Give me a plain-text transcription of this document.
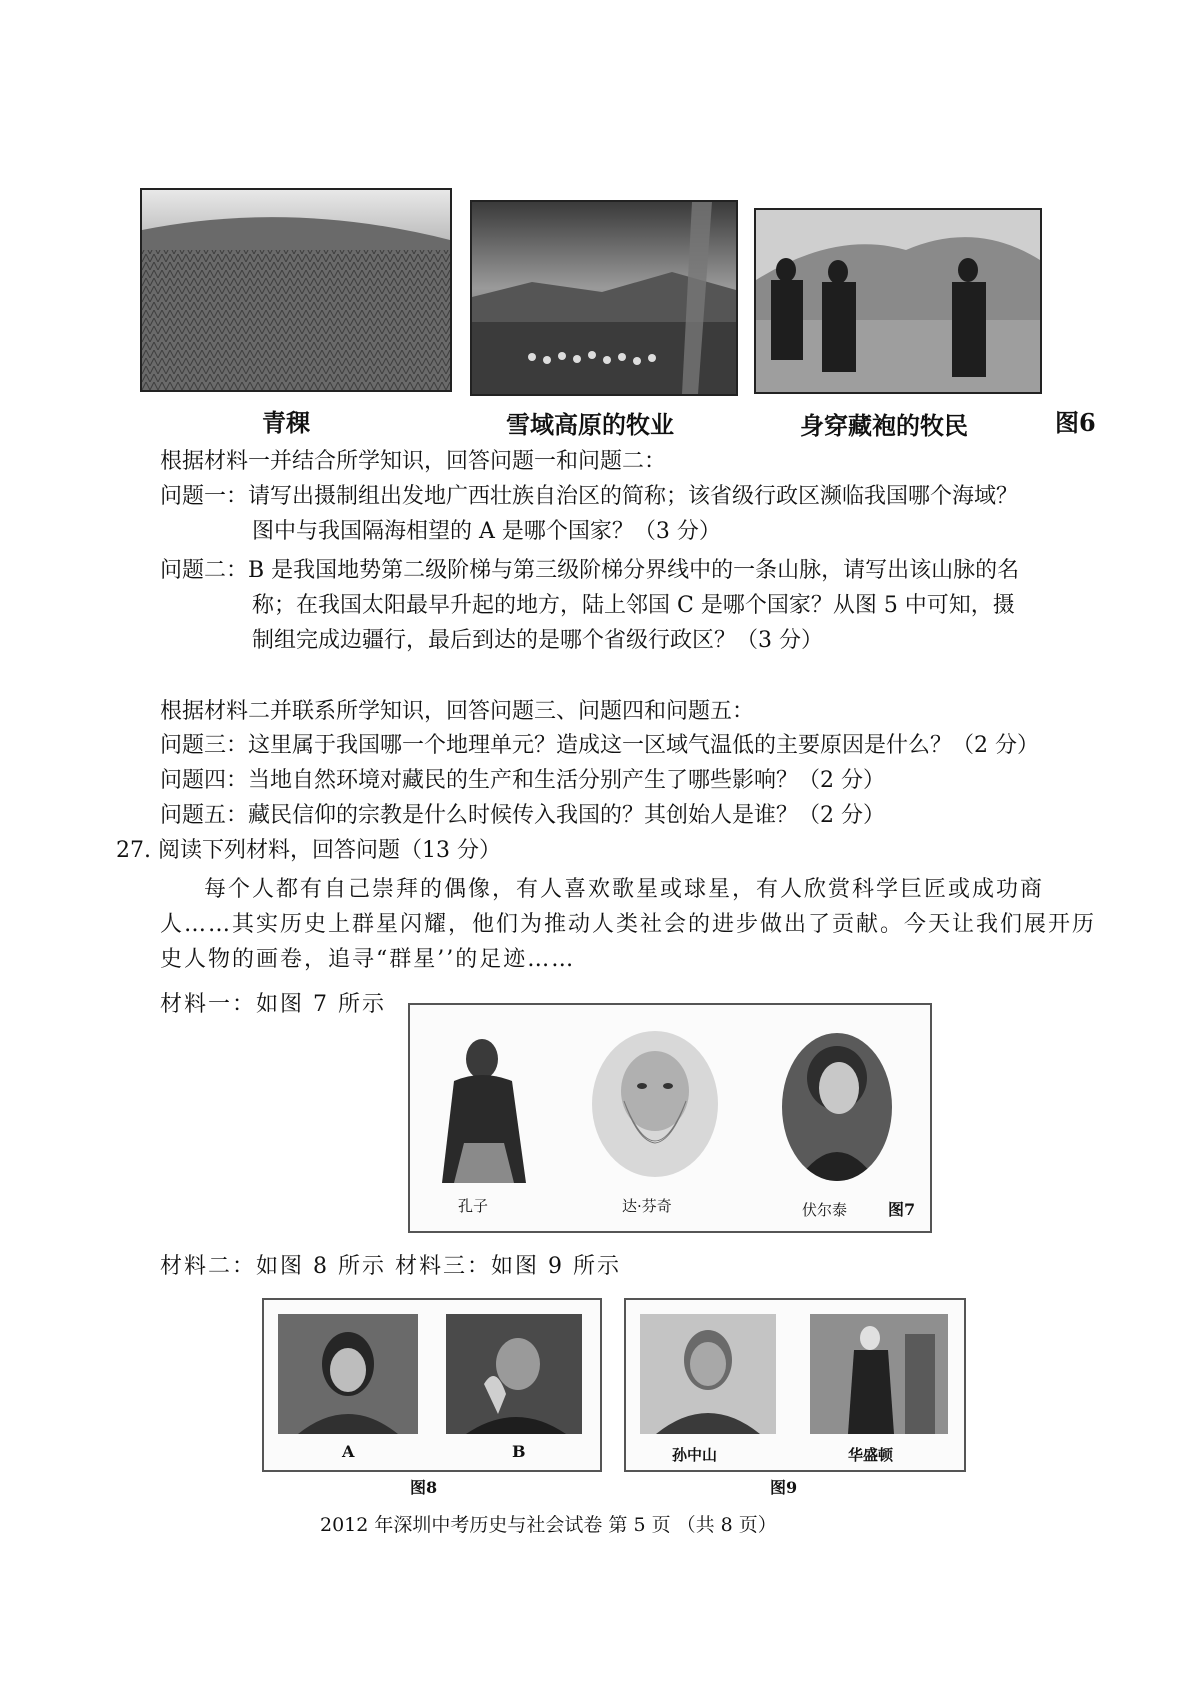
青稞	雪域高原的牧业	身穿藏袍的牧民	图6
根据材料一并结合所学知识，回答问题一和问题二：
问题一：请写出摄制组出发地广西壮族自治区的简称；该省级行政区濒临我国哪个海域？
图中与我国隔海相望的 A 是哪个国家？（3 分）
问题二：B 是我国地势第二级阶梯与第三级阶梯分界线中的一条山脉，请写出该山脉的名
称；在我国太阳最早升起的地方，陆上邻国 C 是哪个国家？从图 5 中可知，摄
制组完成边疆行，最后到达的是哪个省级行政区？（3 分）
根据材料二并联系所学知识，回答问题三、问题四和问题五：
问题三：这里属于我国哪一个地理单元？造成这一区域气温低的主要原因是什么？（2 分）
问题四：当地自然环境对藏民的生产和生活分别产生了哪些影响？（2 分）
问题五：藏民信仰的宗教是什么时候传入我国的？其创始人是谁？（2 分）
27. 阅读下列材料，回答问题（13 分）
每个人都有自己崇拜的偶像，有人喜欢歌星或球星，有人欣赏科学巨匠或成功商
人……其实历史上群星闪耀，他们为推动人类社会的进步做出了贡献。今天让我们展开历
史人物的画卷，追寻“群星’’的足迹……
材料一：如图 7 所示
孔子	达·芬奇	伏尔泰	图7
材料二：如图 8 所示 材料三：如图 9 所示
A	B
图8
孙中山	华盛顿
图9
2012 年深圳中考历史与社会试卷 第 5 页 （共 8 页）
